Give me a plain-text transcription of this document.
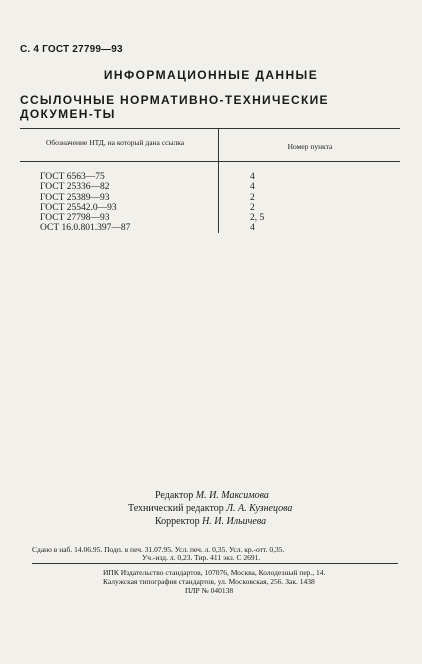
С. 4 ГОСТ 27799—93
ИНФОРМАЦИОННЫЕ ДАННЫЕ
ССЫЛОЧНЫЕ НОРМАТИВНО-ТЕХНИЧЕСКИЕ ДОКУМЕН-ТЫ
Обозначение НТД, на который дана ссылка	Номер пункта
ГОСТ 6563—75
ГОСТ 25336—82
ГОСТ 25389—93
ГОСТ 25542.0—93
ГОСТ 27798—93
ОСТ 16.0.801.397—87
4
4
2
2
2, 5
4
Редактор М. И. Максимова
Технический редактор Л. А. Кузнецова
Корректор Н. И. Ильичева
Сдано в наб. 14.06.95. Подп. в печ. 31.07.95. Усл. печ. л. 0,35. Усл. кр.-отт. 0,35.
Уч.-изд. л. 0,23. Тир. 411 экз. С 2691.
ИПК Издательство стандартов, 107076, Москва, Колодезный пер., 14.
Калужская типография стандартов, ул. Московская, 256. Зак. 1438
ПЛР № 040138
